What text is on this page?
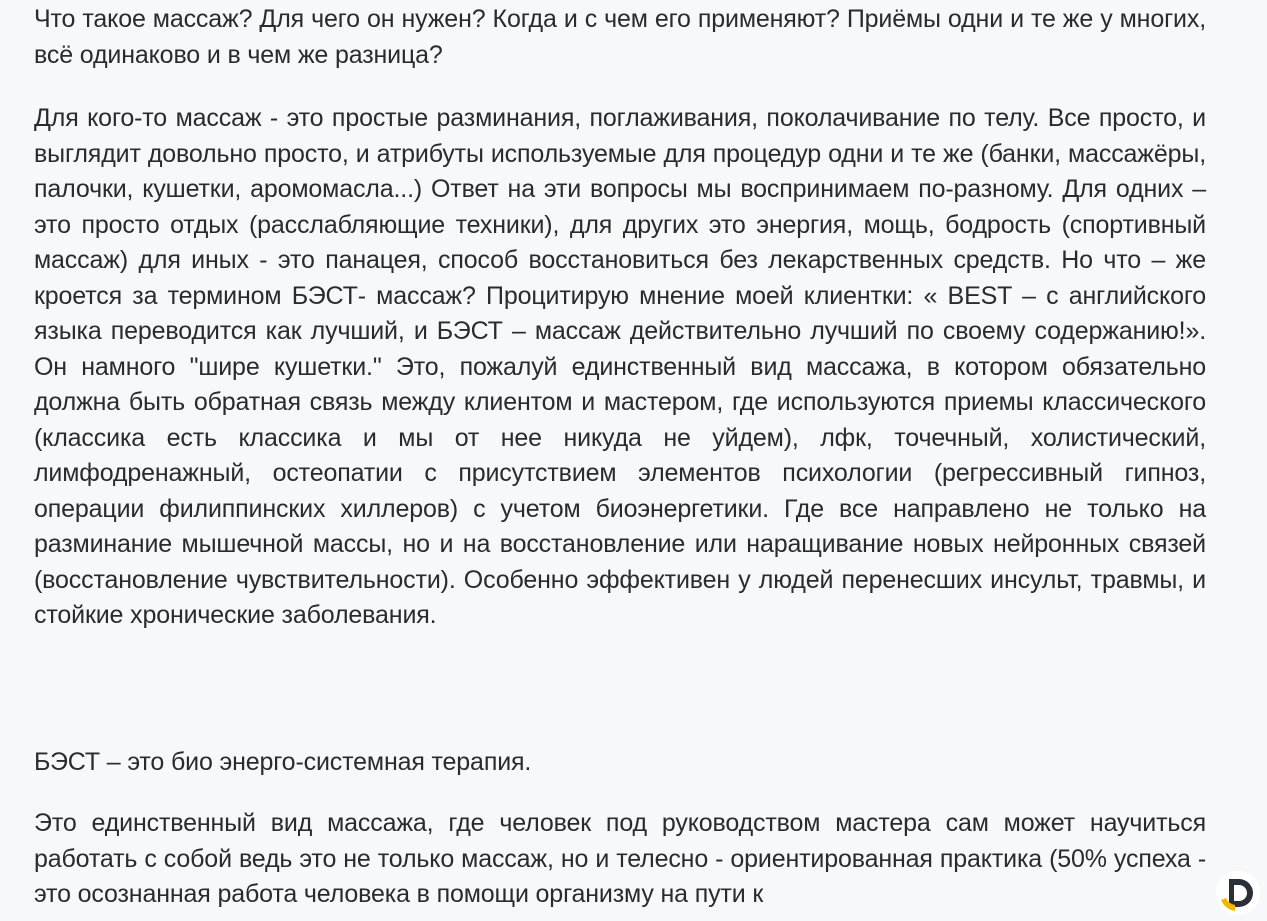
Что такое массаж? Для чего он нужен? Когда и с чем его применяют? Приёмы одни и те же у многих, всё одинаково и в чем же разница?

Для кого-то массаж - это простые разминания, поглаживания, поколачивание по телу. Все просто, и выглядит довольно просто, и атрибуты используемые для процедур одни и те же (банки, массажёры, палочки, кушетки, аромомасла...) Ответ на эти вопросы мы воспринимаем по-разному. Для одних – это просто отдых (расслабляющие техники), для других это энергия, мощь, бодрость (спортивный массаж) для иных - это панацея, способ восстановиться без лекарственных средств. Но что – же кроется за термином БЭСТ- массаж? Процитирую мнение моей клиентки: « BEST – с английского языка переводится как лучший, и БЭСТ – массаж действительно лучший по своему содержанию!». Он намного "шире кушетки." Это, пожалуй единственный вид массажа, в котором обязательно должна быть обратная связь между клиентом и мастером, где используются приемы классического (классика есть классика и мы от нее никуда не уйдем), лфк, точечный, холистический, лимфодренажный, остеопатии с присутствием элементов психологии (регрессивный гипноз, операции филиппинских хиллеров) с учетом биоэнергетики. Где все направлено не только на разминание мышечной массы, но и на восстановление или наращивание новых нейронных связей (восстановление чувствительности). Особенно эффективен у людей перенесших инсульт, травмы, и стойкие хронические заболевания.

БЭСТ – это био энерго-системная терапия.

Это единственный вид массажа, где человек под руководством мастера сам может научиться работать с собой ведь это не только массаж, но и телесно - ориентированная практика (50% успеха - это осознанная работа человека в помощи организму на пути к
